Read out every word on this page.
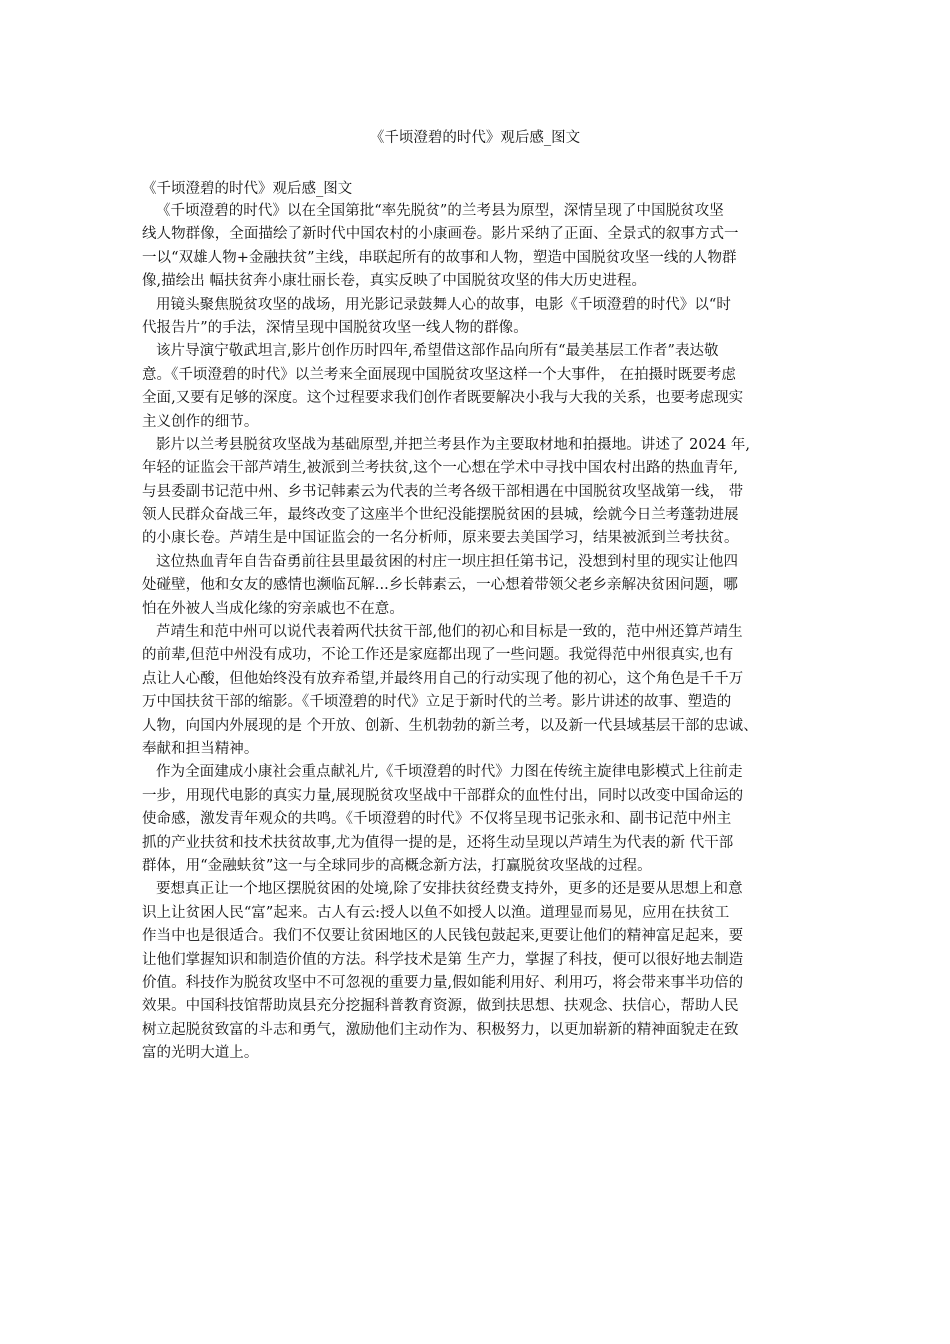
《千顷澄碧的时代》观后感_图文

《千顷澄碧的时代》观后感_图文

《千顷澄碧的时代》以在全国第批“率先脱贫”的兰考县为原型，深情呈现了中国脱贫攻坚
线人物群像，全面描绘了新时代中国农村的小康画卷。影片采纳了正面、全景式的叙事方式一
一以“双雄人物+金融扶贫”主线，串联起所有的故事和人物，塑造中国脱贫攻坚一线的人物群
像,描绘出 幅扶贫奔小康壮丽长卷，真实反映了中国脱贫攻坚的伟大历史进程。
用镜头聚焦脱贫攻坚的战场，用光影记录鼓舞人心的故事，电影《千顷澄碧的时代》以“时
代报告片”的手法，深情呈现中国脱贫攻坚一线人物的群像。
该片导演宁敬武坦言,影片创作历时四年,希望借这部作品向所有“最美基层工作者”表达敬
意。《千顷澄碧的时代》以兰考来全面展现中国脱贫攻坚这样一个大事件， 在拍摄时既要考虑
全面,又要有足够的深度。这个过程要求我们创作者既要解决小我与大我的关系，也要考虑现实
主义创作的细节。
影片以兰考县脱贫攻坚战为基础原型,并把兰考县作为主要取材地和拍摄地。讲述了 2024 年,
年轻的证监会干部芦靖生,被派到兰考扶贫,这个一心想在学术中寻找中国农村出路的热血青年,
与县委副书记范中州、乡书记韩素云为代表的兰考各级干部相遇在中国脱贫攻坚战第一线， 带
领人民群众奋战三年，最终改变了这座半个世纪没能摆脱贫困的县城，绘就今日兰考蓬勃进展
的小康长卷。芦靖生是中国证监会的一名分析师，原来要去美国学习，结果被派到兰考扶贫。
这位热血青年自告奋勇前往县里最贫困的村庄一坝庄担任第书记，没想到村里的现实让他四
处碰壁，他和女友的感情也濒临瓦解...乡长韩素云，一心想着带领父老乡亲解决贫困问题，哪
怕在外被人当成化缘的穷亲戚也不在意。
芦靖生和范中州可以说代表着两代扶贫干部,他们的初心和目标是一致的，范中州还算芦靖生
的前辈,但范中州没有成功，不论工作还是家庭都出现了一些问题。我觉得范中州很真实,也有
点让人心酸，但他始终没有放弃希望,并最终用自己的行动实现了他的初心，这个角色是千千万
万中国扶贫干部的缩影。《千顷澄碧的时代》立足于新时代的兰考。影片讲述的故事、塑造的
人物，向国内外展现的是 个开放、创新、生机勃勃的新兰考，以及新一代县域基层干部的忠诚、
奉献和担当精神。
作为全面建成小康社会重点献礼片,《千顷澄碧的时代》力图在传统主旋律电影模式上往前走
一步，用现代电影的真实力量,展现脱贫攻坚战中干部群众的血性付出，同时以改变中国命运的
使命感，激发青年观众的共鸣。《千顷澄碧的时代》不仅将呈现书记张永和、副书记范中州主
抓的产业扶贫和技术扶贫故事,尤为值得一提的是，还将生动呈现以芦靖生为代表的新 代干部
群体，用“金融蚨贫”这一与全球同步的高概念新方法，打赢脱贫攻坚战的过程。
要想真正让一个地区摆脱贫困的处境,除了安排扶贫经费支持外，更多的还是要从思想上和意
识上让贫困人民“富”起来。古人有云:授人以鱼不如授人以渔。道理显而易见，应用在扶贫工
作当中也是很适合。我们不仅要让贫困地区的人民钱包鼓起来,更要让他们的精神富足起来，要
让他们掌握知识和制造价值的方法。科学技术是第 生产力，掌握了科技，便可以很好地去制造
价值。科技作为脱贫攻坚中不可忽视的重要力量,假如能利用好、利用巧，将会带来事半功倍的
效果。中国科技馆帮助岚县充分挖掘科普教育资源，做到扶思想、扶观念、扶信心，帮助人民
树立起脱贫致富的斗志和勇气，激励他们主动作为、积极努力，以更加崭新的精神面貌走在致
富的光明大道上。
